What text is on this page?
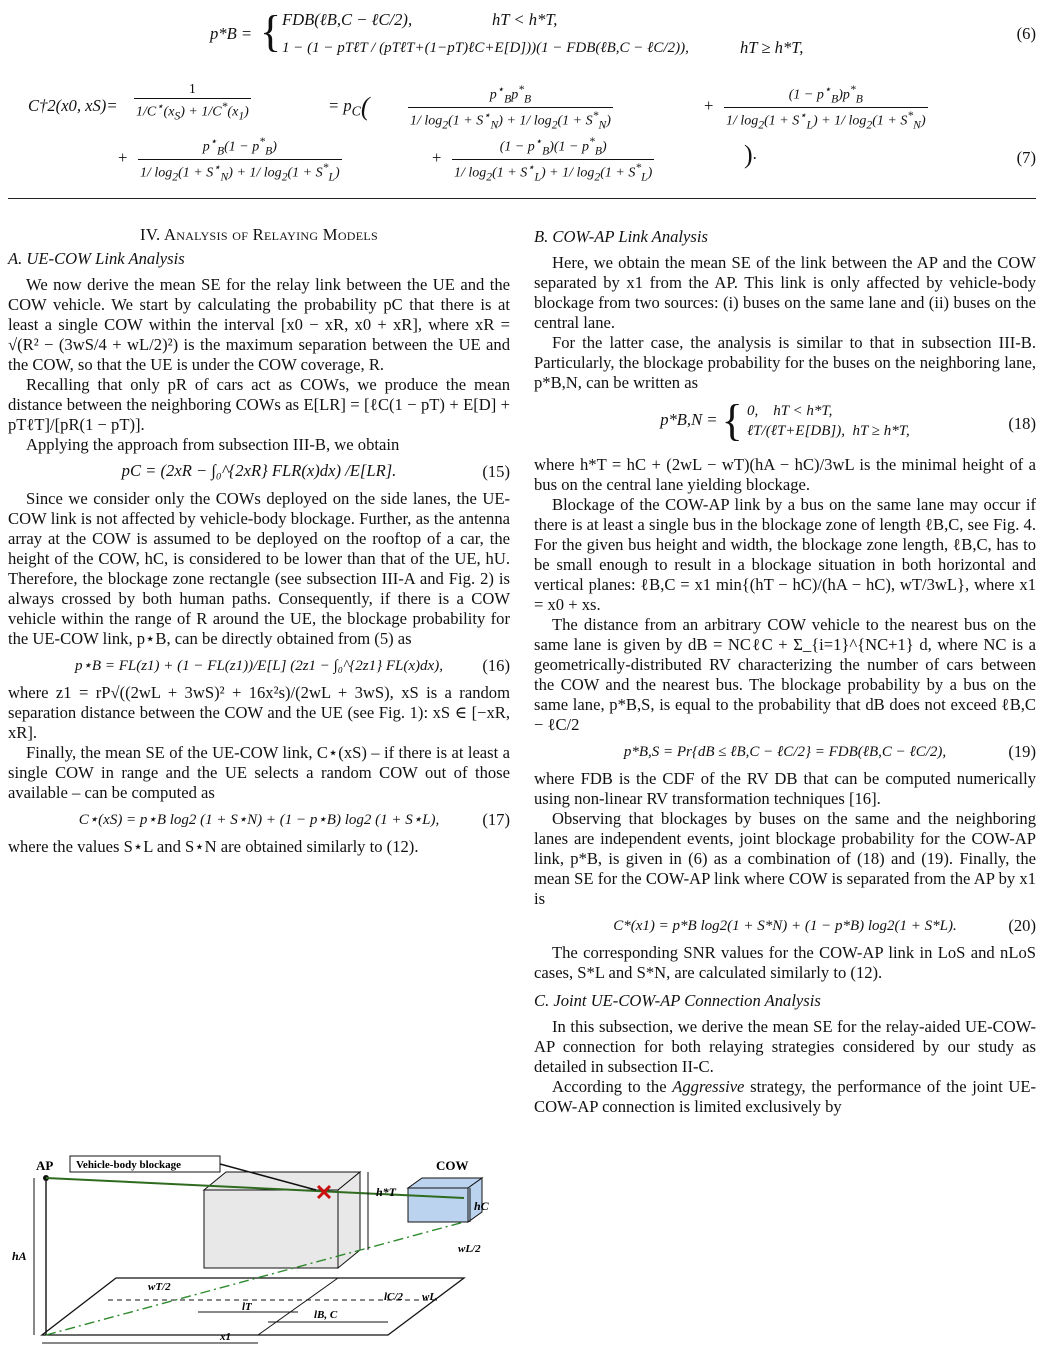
p*B = { FDB(ℓB,C − ℓC/2),	hT < h*T,
1 − (1 − pTℓT / (pTℓT+(1−pT)ℓC+E[D]))(1 − FDB(ℓB,C − ℓC/2)),	hT ≥ h*T,
(6)
C†2(x0, $xS)= \frac{1}{1/C^⋆(x_S) + 1/C^*(x_1)}$	= $p_C$(	$\frac{p^⋆_Bp^*_B}{1/ \log_2(1 + S^⋆_N) + 1/ \log_2(1 + S^*_N)}$	+ $\frac{(1 - p^⋆_B)p^*_B}{1/ \log_2(1 + S^⋆_L) + 1/ \log_2(1 + S^*_N)}$
+ $\frac{p^⋆_B(1 - p^*_B)}{1/ \log_2(1 + S^⋆_N) + 1/ \log_2(1 + S^*_L)}$	+ $\frac{(1 - p^⋆_B)(1 - p^*_B)}{1/ \log_2(1 + S^⋆_L) + 1/ \log_2(1 + S^*_L)}$	).	(7)
IV. Analysis of Relaying Models
A. UE-COW Link Analysis

We now derive the mean SE for the relay link between the UE and the COW vehicle. We start by calculating the probability pC that there is at least a single COW within the interval [x0 − xR, x0 + xR], where xR = √(R² − (3wS/4 + wL/2)²) is the maximum separation between the UE and the COW, so that the UE is under the COW coverage, R.

Recalling that only pR of cars act as COWs, we produce the mean distance between the neighboring COWs as E[LR] = [ℓC(1 − pT) + E[D] + pTℓT]/[pR(1 − pT)].

Applying the approach from subsection III-B, we obtain

pC = (2xR − ∫₀^{2xR} FLR(x)dx) /E[LR].	(15)

Since we consider only the COWs deployed on the side lanes, the UE-COW link is not affected by vehicle-body blockage. Further, as the antenna array at the COW is assumed to be deployed on the rooftop of a car, the height of the COW, hC, is considered to be lower than that of the UE, hU. Therefore, the blockage zone rectangle (see subsection III-A and Fig. 2) is always crossed by both human paths. Consequently, if there is a COW vehicle within the range of R around the UE, the blockage probability for the UE-COW link, p⋆B, can be directly obtained from (5) as

p⋆B = FL(z1) + (1 − FL(z1))/E[L] (2z1 − ∫₀^{2z1} FL(x)dx), (16)

where z1 = rP√((2wL + 3wS)² + 16x²s)/(2wL + 3wS), xS is a random separation distance between the COW and the UE (see Fig. 1): xS ∈ [−xR, xR].

Finally, the mean SE of the UE-COW link, C⋆(xS) – if there is at least a single COW in range and the UE selects a random COW out of those available – can be computed as

C⋆(xS) = p⋆B log2 (1 + S⋆N) + (1 − p⋆B) log2 (1 + S⋆L),	(17)

where the values S⋆L and S⋆N are obtained similarly to (12).

AP Vehicle-body blockage	COW
h*T
hC
hA
wT/2
wL/2
lC/2 wL
lT
x1
lB, C
B. COW-AP Link Analysis

Here, we obtain the mean SE of the link between the AP and the COW separated by x1 from the AP. This link is only affected by vehicle-body blockage from two sources: (i) buses on the same lane and (ii) buses on the central lane.

For the latter case, the analysis is similar to that in subsection III-B. Particularly, the blockage probability for the buses on the neighboring lane, p*B,N, can be written as

p*B,N = { 0, hT < h*T,
ℓT/(ℓT+E[DB]), hT ≥ h*T,	(18)

where h*T = hC + (2wL − wT)(hA − hC)/3wL is the minimal height of a bus on the central lane yielding blockage.

Blockage of the COW-AP link by a bus on the same lane may occur if there is at least a single bus in the blockage zone of length ℓB,C, see Fig. 4. For the given bus height and width, the blockage zone length, ℓB,C, has to be small enough to result in a blockage situation in both horizontal and vertical planes: ℓB,C = x1 min{(hT − hC)/(hA − hC), wT/3wL}, where x1 = x0 + xs.

The distance from an arbitrary COW vehicle to the nearest bus on the same lane is given by dB = NCℓC + Σ_{i=1}^{NC+1} d, where NC is a geometrically-distributed RV characterizing the number of cars between the COW and the nearest bus. The blockage probability by a bus on the same lane, p*B,S, is equal to the probability that dB does not exceed ℓB,C − ℓC/2

p*B,S = Pr{dB ≤ ℓB,C − ℓC/2} = FDB(ℓB,C − ℓC/2),	(19)

where FDB is the CDF of the RV DB that can be computed numerically using non-linear RV transformation techniques [16].

Observing that blockages by buses on the same and the neighboring lanes are independent events, joint blockage probability for the COW-AP link, p*B, is given in (6) as a combination of (18) and (19). Finally, the mean SE for the COW-AP link where COW is separated from the AP by x1 is

C*(x1) = p*B log2(1 + S*N) + (1 − p*B) log2(1 + S*L).	(20)

The corresponding SNR values for the COW-AP link in LoS and nLoS cases, S*L and S*N, are calculated similarly to (12).

C. Joint UE-COW-AP Connection Analysis

In this subsection, we derive the mean SE for the relay-aided UE-COW-AP connection for both relaying strategies considered by our study as detailed in subsection II-C.

According to the Aggressive strategy, the performance of the joint UE-COW-AP connection is limited exclusively by
